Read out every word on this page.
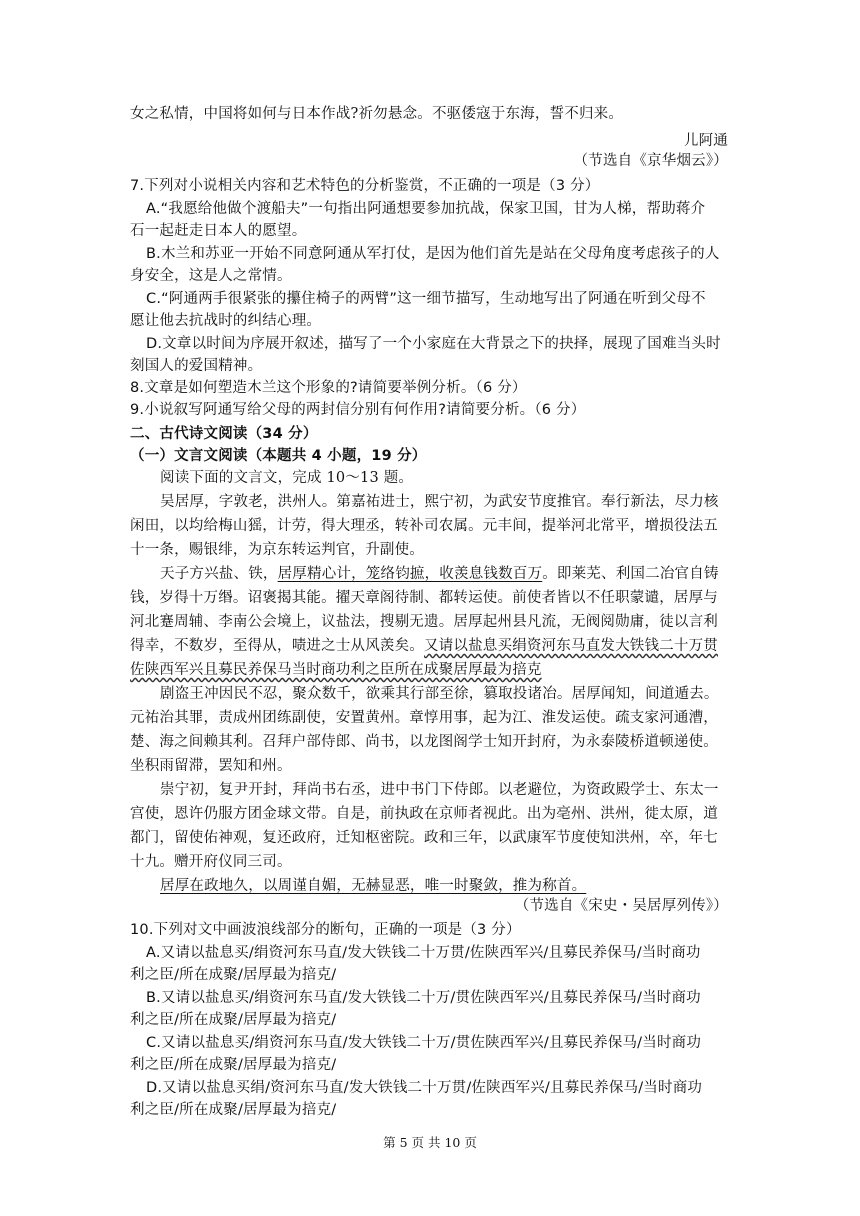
女之私情，中国将如何与日本作战?祈勿悬念。不驱倭寇于东海，誓不归来。
儿阿通
（节选自《京华烟云》）
7.下列对小说相关内容和艺术特色的分析鉴赏，不正确的一项是（3 分）
A.“我愿给他做个渡船夫”一句指出阿通想要参加抗战，保家卫国，甘为人梯，帮助蒋介
石一起赶走日本人的愿望。
B.木兰和苏亚一开始不同意阿通从军打仗，是因为他们首先是站在父母角度考虑孩子的人
身安全，这是人之常情。
C.“阿通两手很紧张的攥住椅子的两臂”这一细节描写，生动地写出了阿通在听到父母不
愿让他去抗战时的纠结心理。
D.文章以时间为序展开叙述，描写了一个小家庭在大背景之下的抉择，展现了国难当头时
刻国人的爱国精神。
8.文章是如何塑造木兰这个形象的?请简要举例分析。（6 分）
9.小说叙写阿通写给父母的两封信分别有何作用?请简要分析。（6 分）
二、古代诗文阅读（34 分）
（一）文言文阅读（本题共 4 小题，19 分）
阅读下面的文言文，完成 10～13 题。
吴居厚，字敦老，洪州人。第嘉祐进士，熙宁初，为武安节度推官。奉行新法，尽力核
闲田，以均给梅山猺，计劳，得大理丞，转补司农属。元丰间，提举河北常平，增损役法五
十一条，赐银绯，为京东转运判官，升副使。
天子方兴盐、铁，居厚精心计，笼络钧摭，收羡息钱数百万。即莱芜、利国二冶官自铸
钱，岁得十万缗。诏褒揭其能。擢天章阁待制、都转运使。前使者皆以不任职蒙谴，居厚与
河北蹇周辅、李南公会境上，议盐法，搜剔无遗。居厚起州县凡流，无阀阅勋庸，徒以言利
得幸，不数岁，至得从，啧进之士从风羡矣。又请以盐息买绢资河东马直发大铁钱二十万贯
佐陕西军兴且募民养保马当时商功利之臣所在成聚居厚最为掊克
剧盗王冲因民不忍，聚众数千，欲乘其行部至徐，篡取投诸冶。居厚闻知，间道遁去。
元祐治其罪，责成州团练副使，安置黄州。章惇用事，起为江、淮发运使。疏支家河通漕，
楚、海之间赖其利。召拜户部侍郎、尚书，以龙图阁学士知开封府，为永泰陵桥道顿递使。
坐积雨留滞，罢知和州。
崇宁初，复尹开封，拜尚书右丞，进中书门下侍郎。以老避位，为资政殿学士、东太一
宫使，恩许仍服方团金球文带。自是，前执政在京师者视此。出为亳州、洪州，徙太原，道
都门，留使佑神观，复还政府，迁知枢密院。政和三年，以武康军节度使知洪州，卒，年七
十九。赠开府仪同三司。
居厚在政地久，以周谨自媚，无赫显恶，唯一时聚敛，推为称首。
（节选自《宋史・吴居厚列传》）
10.下列对文中画波浪线部分的断句，正确的一项是（3 分）
A.又请以盐息买/绢资河东马直/发大铁钱二十万贯/佐陕西军兴/且募民养保马/当时商功
利之臣/所在成聚/居厚最为掊克/
B.又请以盐息买/绢资河东马直/发大铁钱二十万/贯佐陕西军兴/且募民养保马/当时商功
利之臣/所在成聚/居厚最为掊克/
C.又请以盐息买/绢资河东马直/发大铁钱二十万/贯佐陕西军兴/且募民养保马/当时商功
利之臣/所在成聚/居厚最为掊克/
D.又请以盐息买绢/资河东马直/发大铁钱二十万贯/佐陕西军兴/且募民养保马/当时商功
利之臣/所在成聚/居厚最为掊克/
第 5 页 共 10 页
